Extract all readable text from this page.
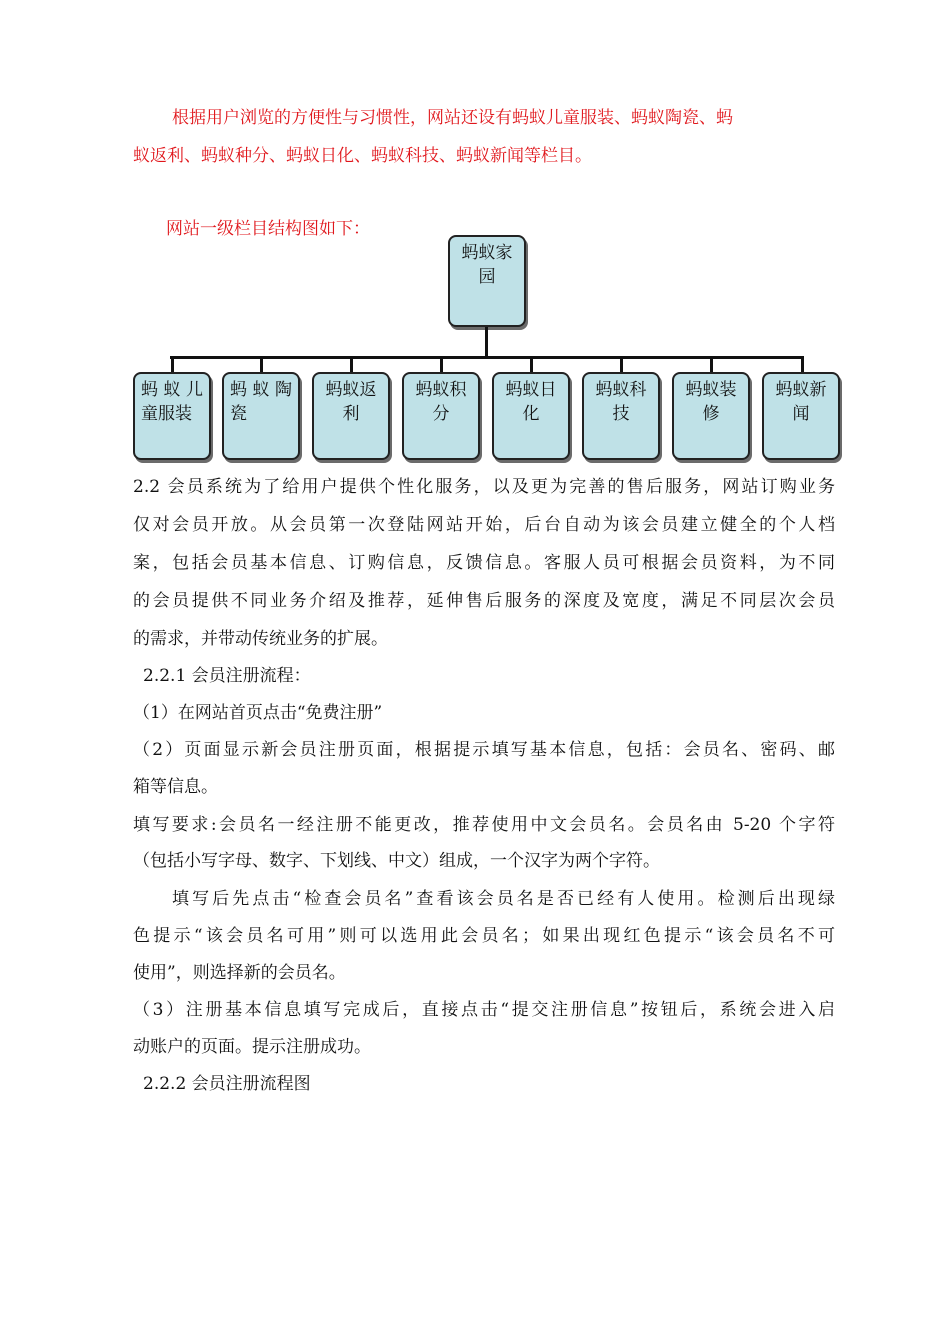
根据用户浏览的方便性与习惯性，网站还设有蚂蚁儿童服装、蚂蚁陶瓷、蚂
蚁返利、蚂蚁种分、蚂蚁日化、蚂蚁科技、蚂蚁新闻等栏目。
网站一级栏目结构图如下：
蚂蚁家
园
蚂 蚁 儿
童服装
蚂 蚁 陶
瓷
蚂蚁返
利
蚂蚁积
分
蚂蚁日
化
蚂蚁科
技
蚂蚁装
修
蚂蚁新
闻
2.2 会员系统为了给用户提供个性化服务，以及更为完善的售后服务，网站订购业务
仅对会员开放。从会员第一次登陆网站开始，后台自动为该会员建立健全的个人档
案，包括会员基本信息、订购信息，反馈信息。客服人员可根据会员资料，为不同
的会员提供不同业务介绍及推荐，延伸售后服务的深度及宽度，满足不同层次会员
的需求，并带动传统业务的扩展。
2.2.1 会员注册流程：
（1）在网站首页点击“免费注册”
（2）页面显示新会员注册页面，根据提示填写基本信息，包括：会员名、密码、邮
箱等信息。
填写要求:会员名一经注册不能更改，推荐使用中文会员名。会员名由 5-20 个字符
（包括小写字母、数字、下划线、中文）组成，一个汉字为两个字符。
填写后先点击“检查会员名”查看该会员名是否已经有人使用。检测后出现绿
色提示“该会员名可用”则可以选用此会员名；如果出现红色提示“该会员名不可
使用”，则选择新的会员名。
（3）注册基本信息填写完成后，直接点击“提交注册信息”按钮后，系统会进入启
动账户的页面。提示注册成功。
2.2.2 会员注册流程图
